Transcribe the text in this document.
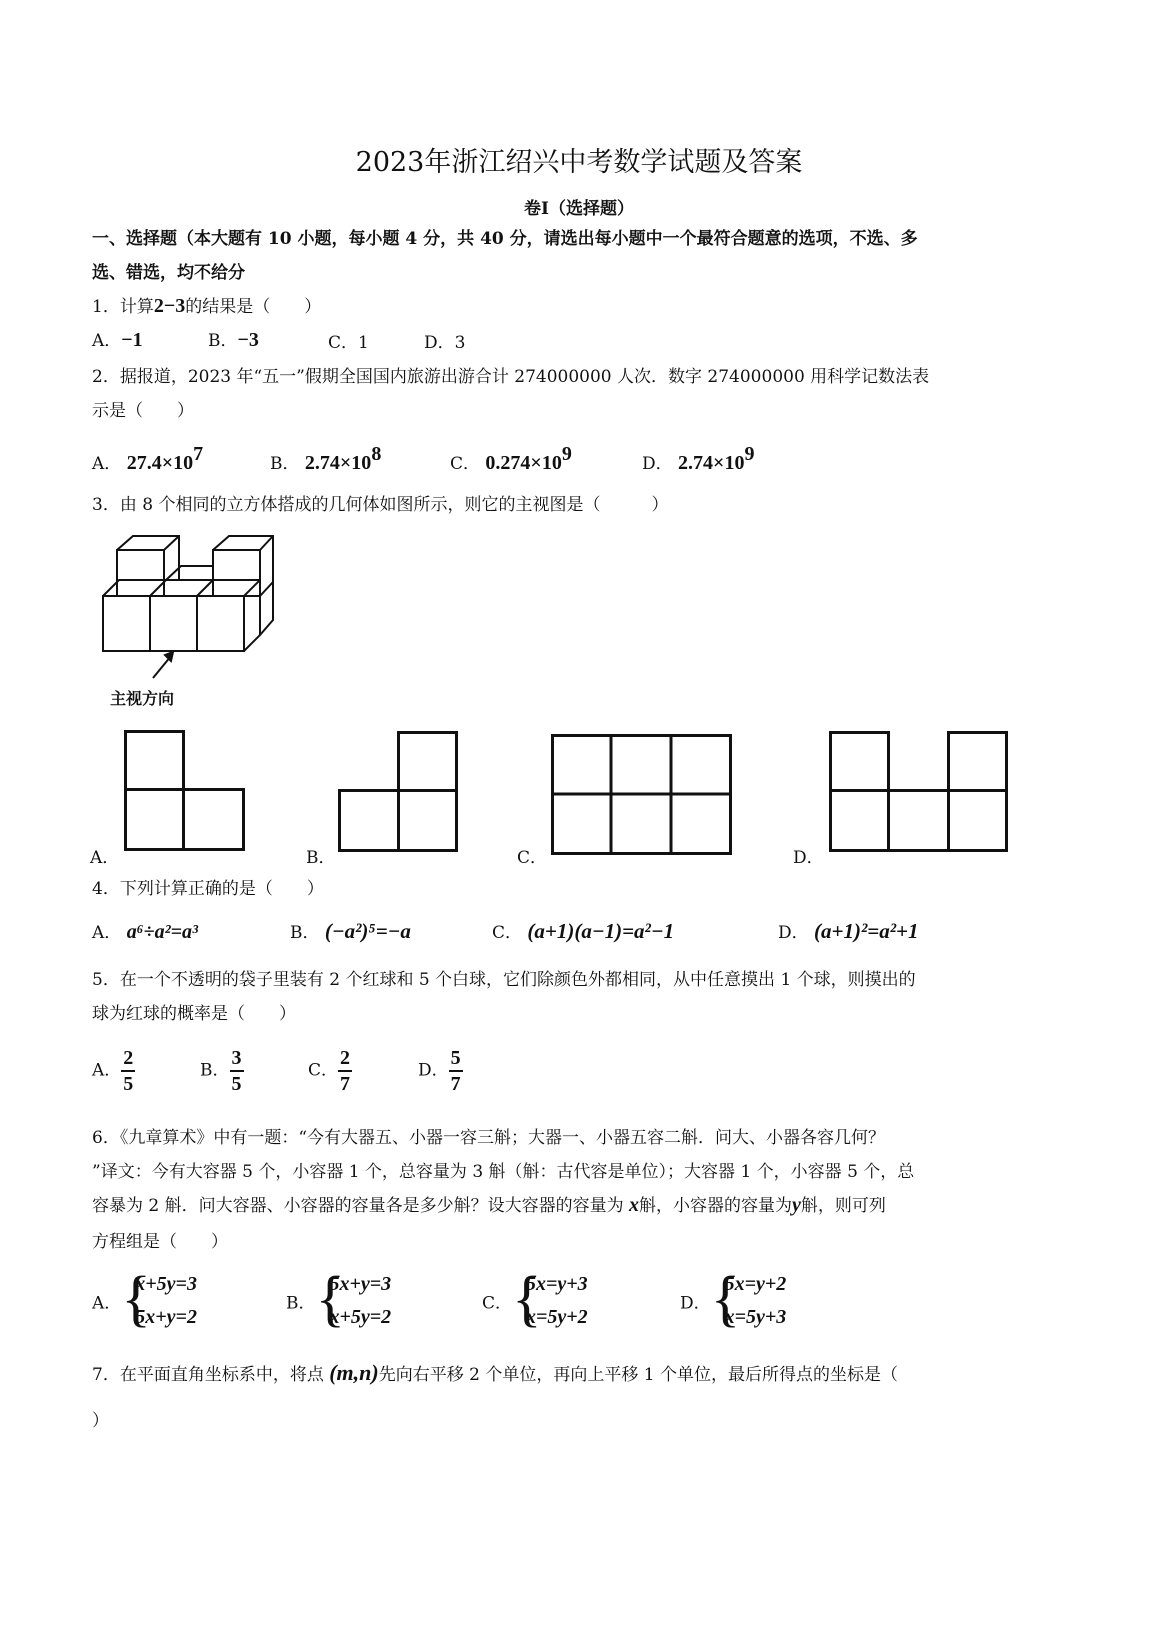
2023年浙江绍兴中考数学试题及答案
卷Ⅰ（选择题）
一、选择题（本大题有 10 小题，每小题 4 分，共 40 分，请选出每小题中一个最符合题意的选项，不选、多
选、错选，均不给分
1．计算2−3的结果是（　　）
A．−1	B．−3	C．1	D．3
2．据报道，2023 年“五一”假期全国国内旅游出游合计 274000000 人次．数字 274000000 用科学记数法表
示是（　　）
A． $27.4\times 10^7$	B． $2.74\times 10^8$	C． $0.274\times 10^9$	D． $2.74\times 10^9$
3．由 8 个相同的立方体搭成的几何体如图所示，则它的主视图是（　　　）
主视方向
A．	B．	C．	D．
4．下列计算正确的是（　　）
A． a⁶÷a²=a³	B． (−a²)⁵=−a	C． (a+1)(a−1)=a²−1	D． (a+1)²=a²+1
5．在一个不透明的袋子里装有 2 个红球和 5 个白球，它们除颜色外都相同，从中任意摸出 1 个球，则摸出的
球为红球的概率是（　　）
A． $\frac{2}{5}$	B． $\frac{3}{5}$	C． $\frac{2}{7}$	D． $\frac{5}{7}$
6．《九章算术》中有一题：“今有大器五、小器一容三斛；大器一、小器五容二斛．问大、小器各容几何？
”译文：今有大容器 5 个，小容器 1 个，总容量为 3 斛（斛：古代容是单位）；大容器 1 个，小容器 5 个，总
容暴为 2 斛．问大容器、小容器的容量各是多少斛？设大容器的容量为 x斛，小容器的容量为y斛，则可列
方程组是（　　）
A． {
x+5y=3
5x+y=2
B． {
5x+y=3
x+5y=2
C． {
5x=y+3
x=5y+2
D． {
5x=y+2
x=5y+3
7．在平面直角坐标系中，将点 (m,n)先向右平移 2 个单位，再向上平移 1 个单位，最后所得点的坐标是（
）
